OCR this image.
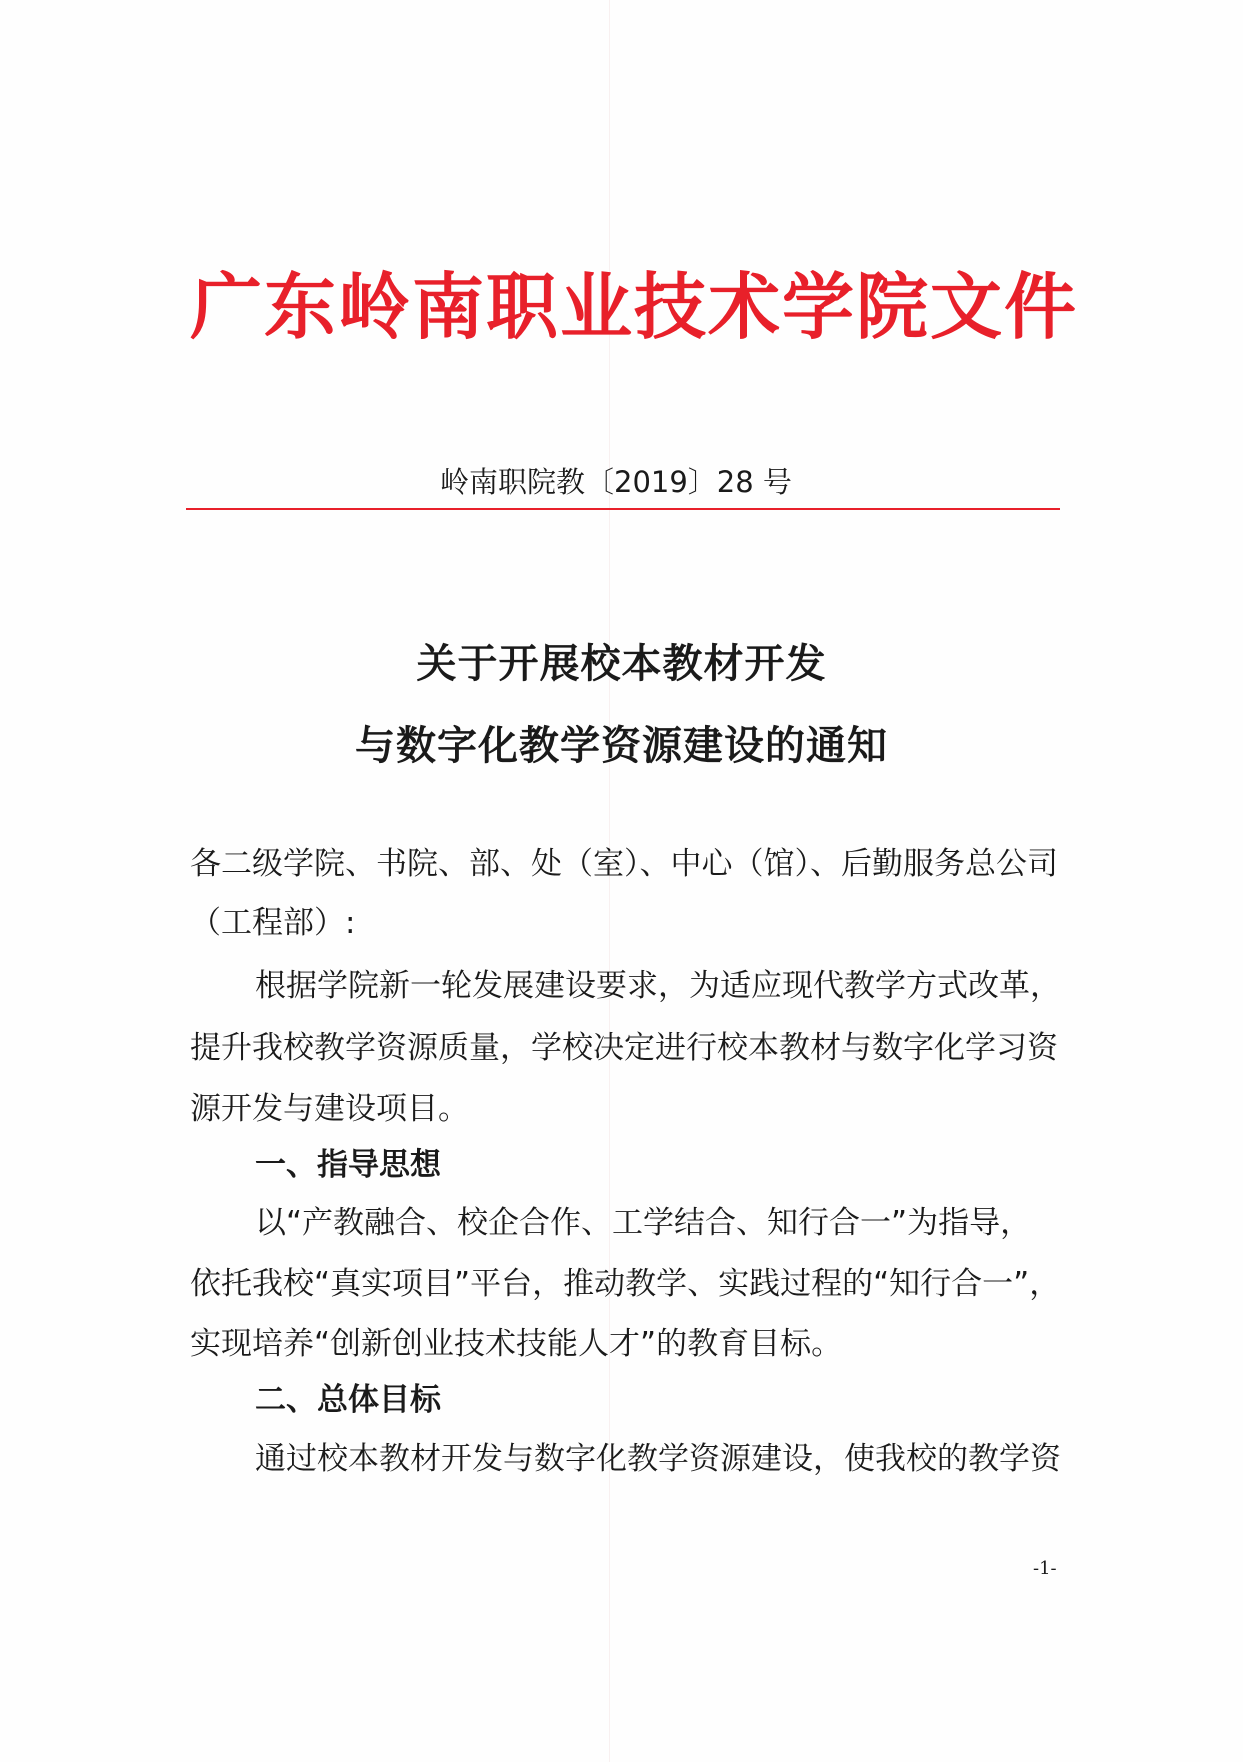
广东岭南职业技术学院文件
岭南职院教〔2019〕28 号
关于开展校本教材开发
与数字化教学资源建设的通知
各二级学院、书院、部、处（室）、中心（馆）、后勤服务总公司
（工程部）:
根据学院新一轮发展建设要求，为适应现代教学方式改革，
提升我校教学资源质量，学校决定进行校本教材与数字化学习资
源开发与建设项目。
一、指导思想
以“产教融合、校企合作、工学结合、知行合一”为指导，
依托我校“真实项目”平台，推动教学、实践过程的“知行合一”，
实现培养“创新创业技术技能人才”的教育目标。
二、总体目标
通过校本教材开发与数字化教学资源建设，使我校的教学资
-1-
